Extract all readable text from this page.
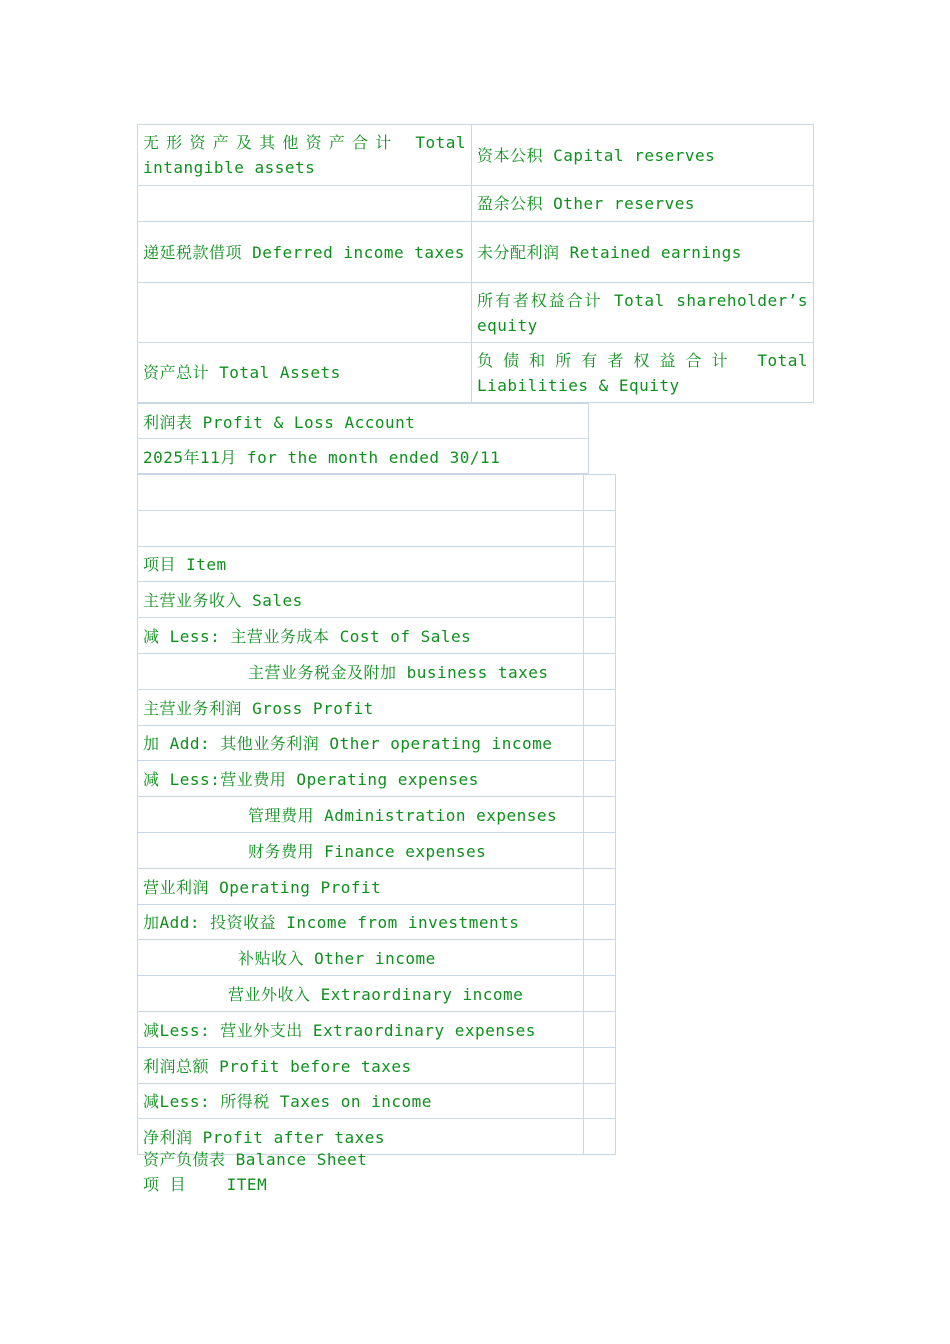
无形资产及其他资产合计 Total intangible assets	资本公积 Capital reserves
	盈余公积 Other reserves
递延税款借项 Deferred income taxes	未分配利润 Retained earnings
	所有者权益合计 Total shareholder’s equity
资产总计 Total Assets	负债和所有者权益合计 Total Liabilities & Equity
利润表 Profit & Loss Account
2025年11月 for the month ended 30/11

项目 Item	
主营业务收入 Sales	
减 Less: 主营业务成本 Cost of Sales	
主营业务税金及附加 business taxes	
主营业务利润 Gross Profit	
加 Add: 其他业务利润 Other operating income	
减 Less:营业费用 Operating expenses	
管理费用 Administration expenses	
财务费用 Finance expenses	
营业利润 Operating Profit	
加Add: 投资收益 Income from investments	
补贴收入 Other income	
营业外收入 Extraordinary income	
减Less: 营业外支出 Extraordinary expenses	
利润总额 Profit before taxes	
减Less: 所得税 Taxes on income	
净利润 Profit after taxes	
资产负债表 Balance Sheet
项 目    ITEM
